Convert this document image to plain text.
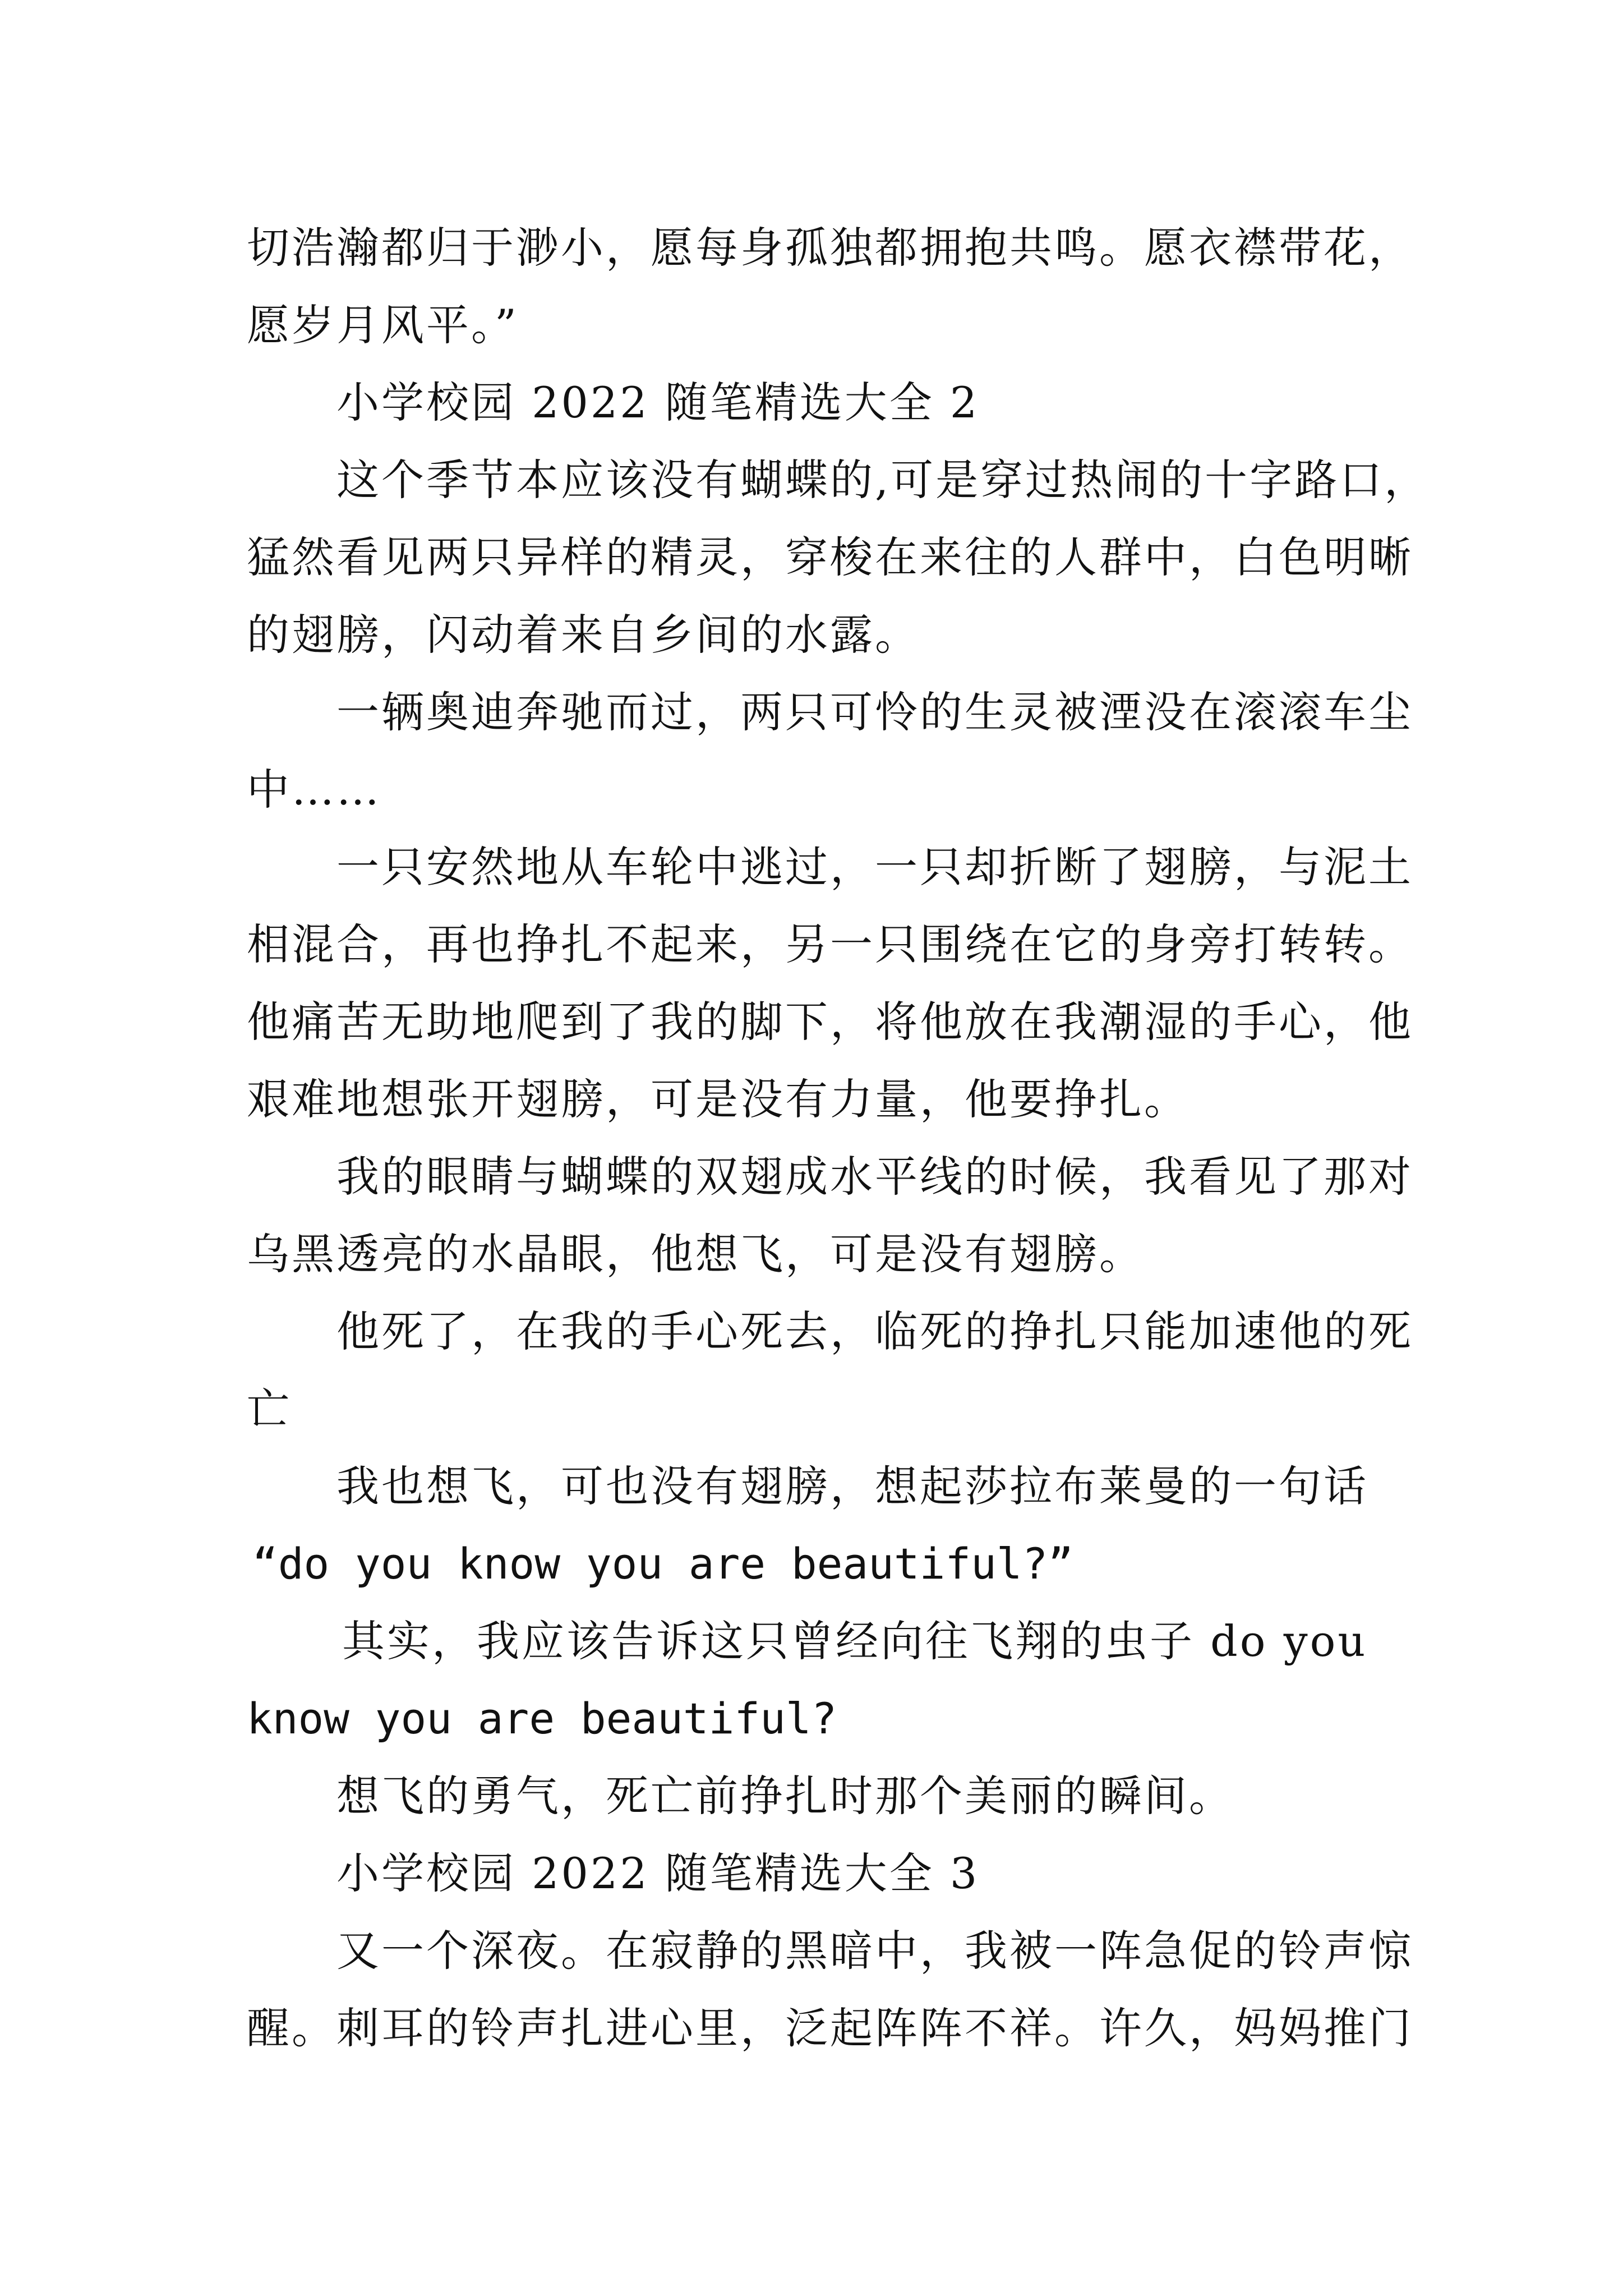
切浩瀚都归于渺小，愿每身孤独都拥抱共鸣。愿衣襟带花，
愿岁月风平。”
小学校园 2022 随笔精选大全 2
这个季节本应该没有蝴蝶的,可是穿过热闹的十字路口，
猛然看见两只异样的精灵，穿梭在来往的人群中，白色明晰
的翅膀，闪动着来自乡间的水露。
一辆奥迪奔驰而过，两只可怜的生灵被湮没在滚滚车尘
中……
一只安然地从车轮中逃过，一只却折断了翅膀，与泥土
相混合，再也挣扎不起来，另一只围绕在它的身旁打转转。
他痛苦无助地爬到了我的脚下，将他放在我潮湿的手心，他
艰难地想张开翅膀，可是没有力量，他要挣扎。
我的眼睛与蝴蝶的双翅成水平线的时候，我看见了那对
乌黑透亮的水晶眼，他想飞，可是没有翅膀。
他死了，在我的手心死去，临死的挣扎只能加速他的死
亡
我也想飞，可也没有翅膀，想起莎拉布莱曼的一句话
“do you know you are beautiful?”
其实，我应该告诉这只曾经向往飞翔的虫子 do you
know you are beautiful?
想飞的勇气，死亡前挣扎时那个美丽的瞬间。
小学校园 2022 随笔精选大全 3
又一个深夜。在寂静的黑暗中，我被一阵急促的铃声惊
醒。刺耳的铃声扎进心里，泛起阵阵不祥。许久，妈妈推门
